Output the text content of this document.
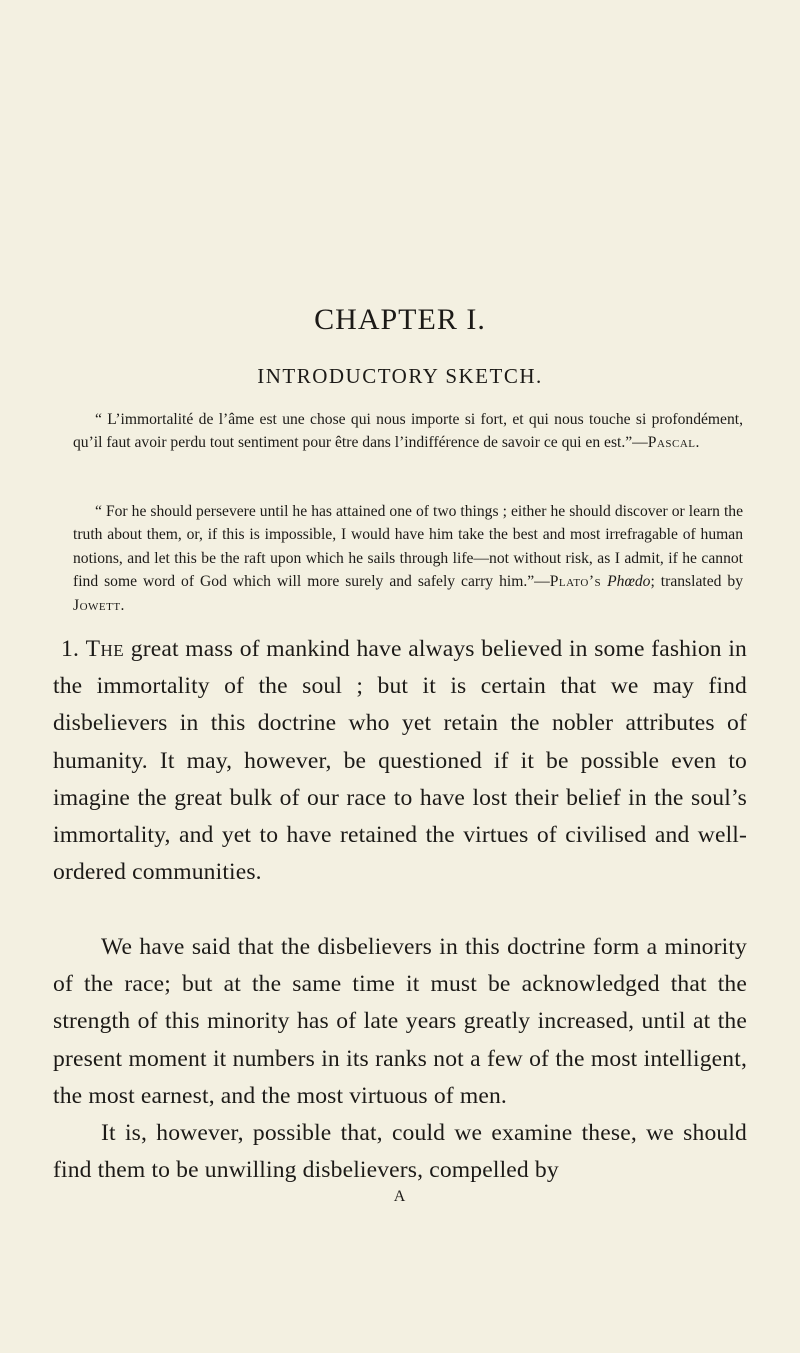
CHAPTER I.
INTRODUCTORY SKETCH.

“ L’immortalité de l’âme est une chose qui nous importe si fort, et qui nous touche si profondément, qu’il faut avoir perdu tout sentiment pour être dans l’indifférence de savoir ce qui en est.”—Pascal.

“ For he should persevere until he has attained one of two things ; either he should discover or learn the truth about them, or, if this is impossible, I would have him take the best and most irrefragable of human notions, and let this be the raft upon which he sails through life—not without risk, as I admit, if he cannot find some word of God which will more surely and safely carry him.”—Plato’s Phœdo; translated by Jowett.

1. The great mass of mankind have always believed in some fashion in the immortality of the soul ; but it is certain that we may find disbelievers in this doctrine who yet retain the nobler attributes of humanity. It may, however, be questioned if it be possible even to imagine the great bulk of our race to have lost their belief in the soul’s immortality, and yet to have retained the virtues of civilised and well-ordered communities.

We have said that the disbelievers in this doctrine form a minority of the race; but at the same time it must be acknowledged that the strength of this minority has of late years greatly increased, until at the present moment it numbers in its ranks not a few of the most intelligent, the most earnest, and the most virtuous of men.

It is, however, possible that, could we examine these, we should find them to be unwilling disbelievers, compelled by

A
